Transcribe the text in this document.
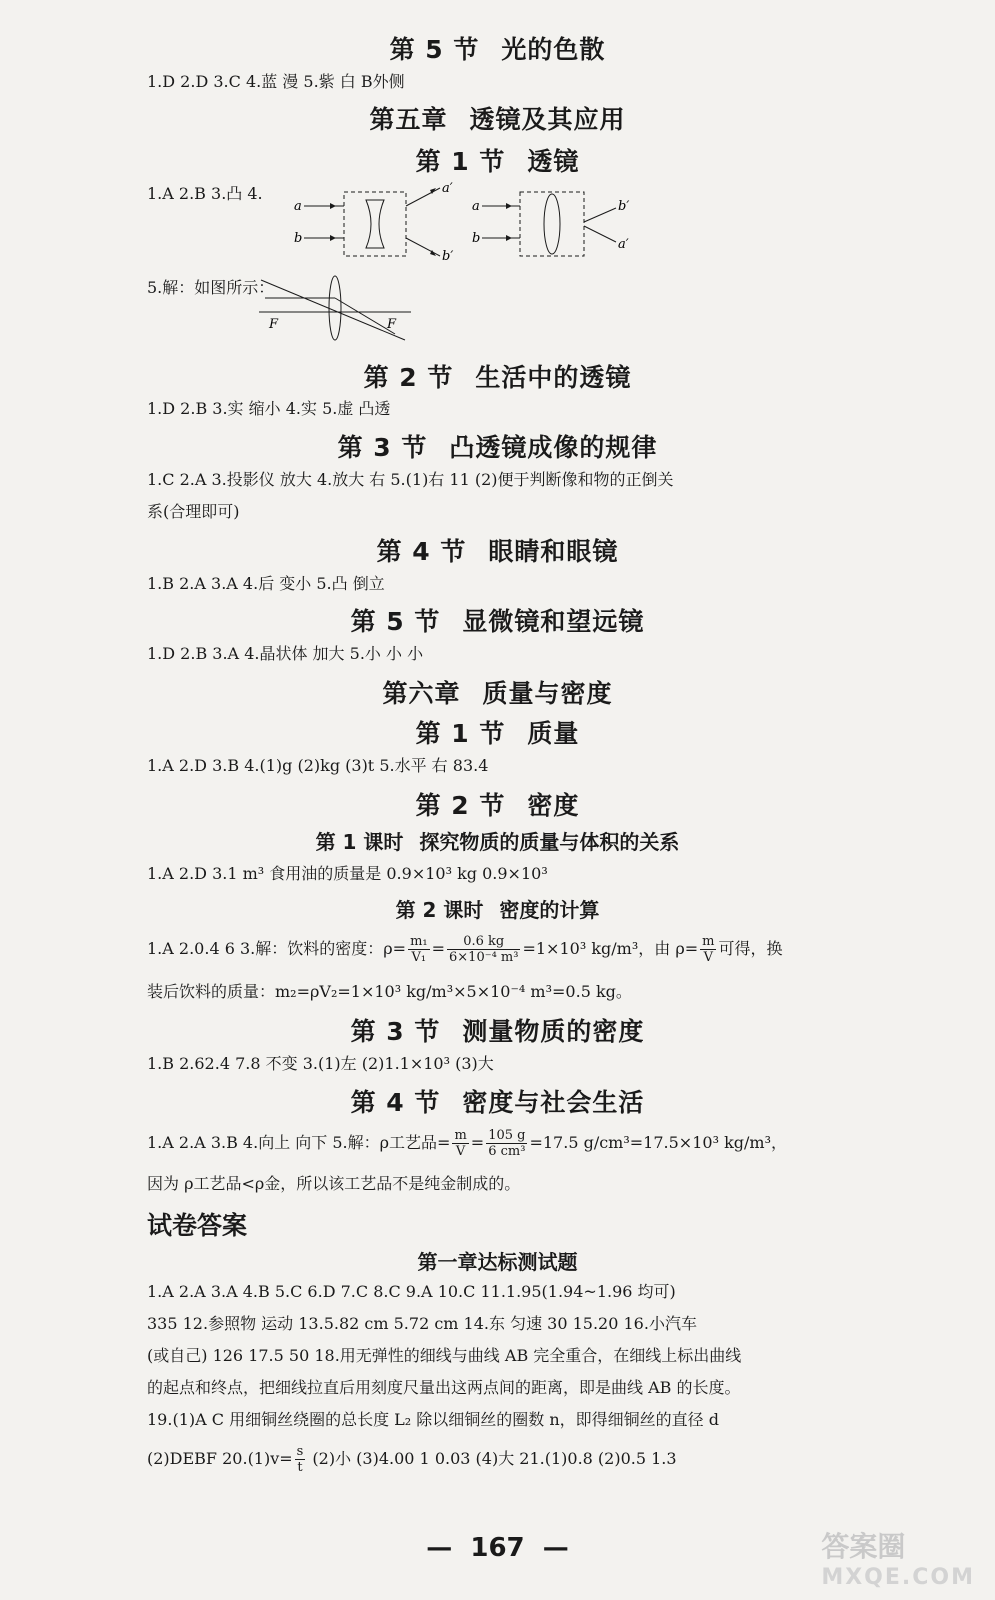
第 5 节 光的色散
1.D 2.D 3.C 4.蓝 漫 5.紫 白 B外侧
第五章 透镜及其应用
第 1 节 透镜
1.A 2.B 3.凸 4.
a
b
a′
b′
a
b
b′
a′
5.解：如图所示：
F	F
第 2 节 生活中的透镜
1.D 2.B 3.实 缩小 4.实 5.虚 凸透
第 3 节 凸透镜成像的规律
1.C 2.A 3.投影仪 放大 4.放大 右 5.(1)右 11 (2)便于判断像和物的正倒关
系(合理即可)
第 4 节 眼睛和眼镜
1.B 2.A 3.A 4.后 变小 5.凸 倒立
第 5 节 显微镜和望远镜
1.D 2.B 3.A 4.晶状体 加大 5.小 小 小
第六章 质量与密度
第 1 节 质量
1.A 2.D 3.B 4.(1)g (2)kg (3)t 5.水平 右 83.4
第 2 节 密度
第 1 课时 探究物质的质量与体积的关系
1.A 2.D 3.1 m³ 食用油的质量是 0.9×10³ kg 0.9×10³
第 2 课时 密度的计算
1.A 2.0.4 6 3.解：饮料的密度：$\rho= \frac{\text{m₁}}{\text{V₁}} = \frac{0.6 kg}{\text{6×10⁻⁴ m³}} =1\times 10^3$ kg/m³，由 $\rho= \frac{m}{V}$ 可得，换
装后饮料的质量：m₂=ρV₂=1×10³ kg/m³×5×10⁻⁴ m³=0.5 kg。
第 3 节 测量物质的密度
1.B 2.62.4 7.8 不变 3.(1)左 (2)1.1×10³ (3)大
第 4 节 密度与社会生活
1.A 2.A 3.B 4.向上 向下 5.解：ρ工艺品= $\frac{m}{V} = \frac{105 g}{\text{6 cm³}} =17.5$ g/cm³=17.5×10³ kg/m³，
因为 ρ工艺品<ρ金，所以该工艺品不是纯金制成的。
试卷答案
第一章达标测试题
1.A 2.A 3.A 4.B 5.C 6.D 7.C 8.C 9.A 10.C 11.1.95(1.94~1.96 均可)
335 12.参照物 运动 13.5.82 cm 5.72 cm 14.东 匀速 30 15.20 16.小汽车
(或自己) 126 17.5 50 18.用无弹性的细线与曲线 AB 完全重合，在细线上标出曲线
的起点和终点，把细线拉直后用刻度尺量出这两点间的距离，即是曲线 AB 的长度。
19.(1)A C 用细铜丝绕圈的总长度 L₂ 除以细铜丝的圈数 n，即得细铜丝的直径 d
(2)DEBF $20.(1)v= \frac{s}{t} (2)$小 (3)4.00 1 0.03 (4)大 21.(1)0.8 (2)0.5 1.3
— 167 —	答案圈
MXQE.COM
